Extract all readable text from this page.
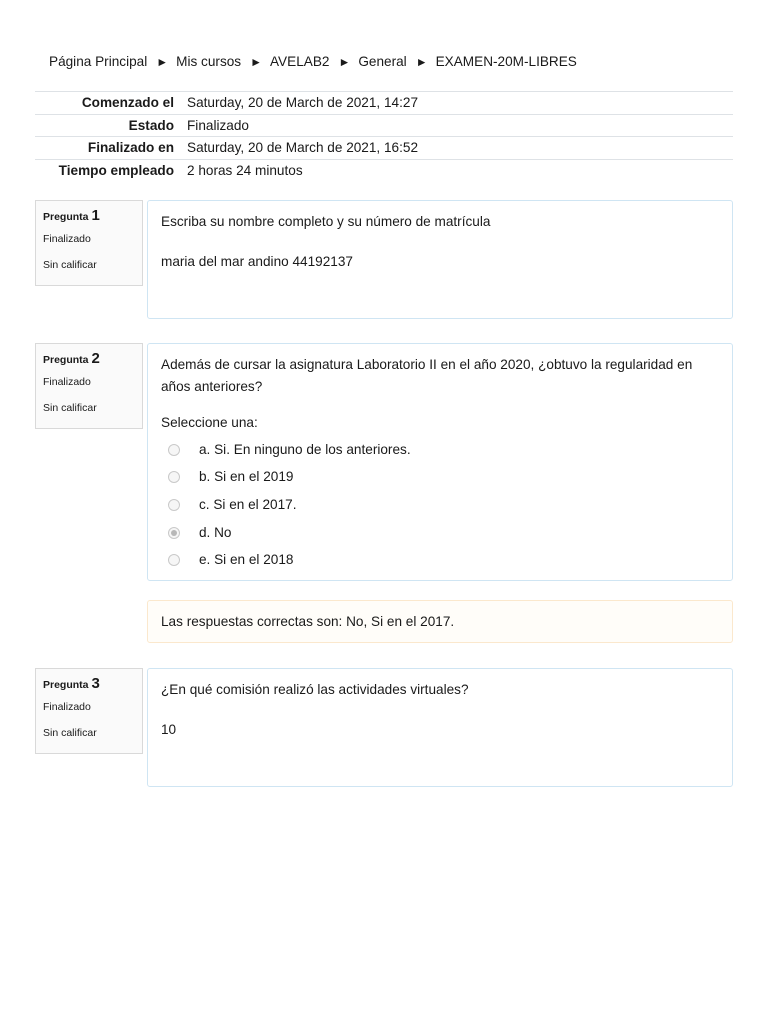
Página Principal ► Mis cursos ► AVELAB2 ► General ► EXAMEN-20M-LIBRES
Comenzado el	Saturday, 20 de March de 2021, 14:27
Estado	Finalizado
Finalizado en	Saturday, 20 de March de 2021, 16:52
Tiempo empleado	2 horas 24 minutos
Pregunta 1
Finalizado
Sin calificar
Escriba su nombre completo y su número de matrícula
maria del mar andino 44192137
Pregunta 2
Finalizado
Sin calificar
Además de cursar la asignatura Laboratorio II en el año 2020, ¿obtuvo la regularidad en años anteriores?
Seleccione una:
a. Si. En ninguno de los anteriores.
b. Si en el 2019
c. Si en el 2017.
d. No
e. Si en el 2018
Las respuestas correctas son: No, Si en el 2017.
Pregunta 3
Finalizado
Sin calificar
¿En qué comisión realizó las actividades virtuales?
10
